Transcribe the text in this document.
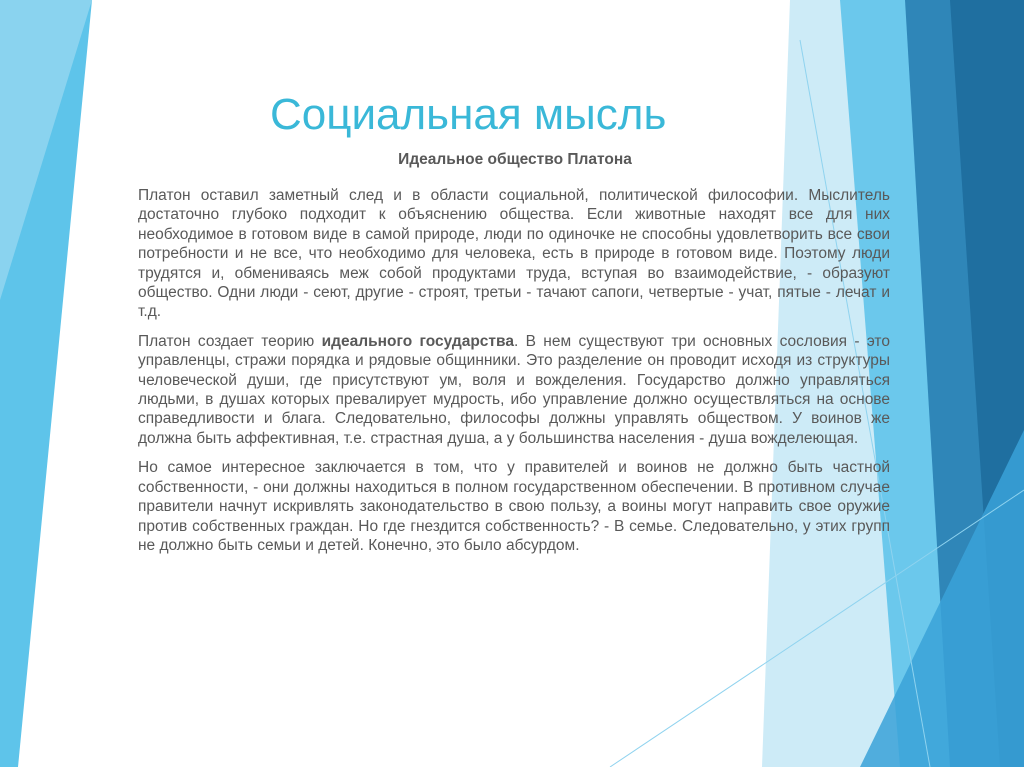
Социальная мысль

Идеальное общество Платона

Платон оставил заметный след и в области социальной, политической философии. Мыслитель достаточно глубоко подходит к объяснению общества. Если животные находят все для них необходимое в готовом виде в самой природе, люди по одиночке не способны удовлетворить все свои потребности и не все, что необходимо для человека, есть в природе в готовом виде. Поэтому люди трудятся и, обмениваясь меж собой продуктами труда, вступая во взаимодействие, - образуют общество. Одни люди - сеют, другие - строят, третьи - тачают сапоги, четвертые - учат, пятые - лечат и т.д.

Платон создает теорию идеального государства. В нем существуют три основных сословия - это управленцы, стражи порядка и рядовые общинники. Это разделение он проводит исходя из структуры человеческой души, где присутствуют ум, воля и вожделения. Государство должно управляться людьми, в душах которых превалирует мудрость, ибо управление должно осуществляться на основе справедливости и блага. Следовательно, философы должны управлять обществом. У воинов же должна быть аффективная, т.е. страстная душа, а у большинства населения - душа вожделеющая.

Но самое интересное заключается в том, что у правителей и воинов не должно быть частной собственности, - они должны находиться в полном государственном обеспечении. В противном случае правители начнут искривлять законодательство в свою пользу, а воины могут направить свое оружие против собственных граждан. Но где гнездится собственность? - В семье. Следовательно, у этих групп не должно быть семьи и детей. Конечно, это было абсурдом.
